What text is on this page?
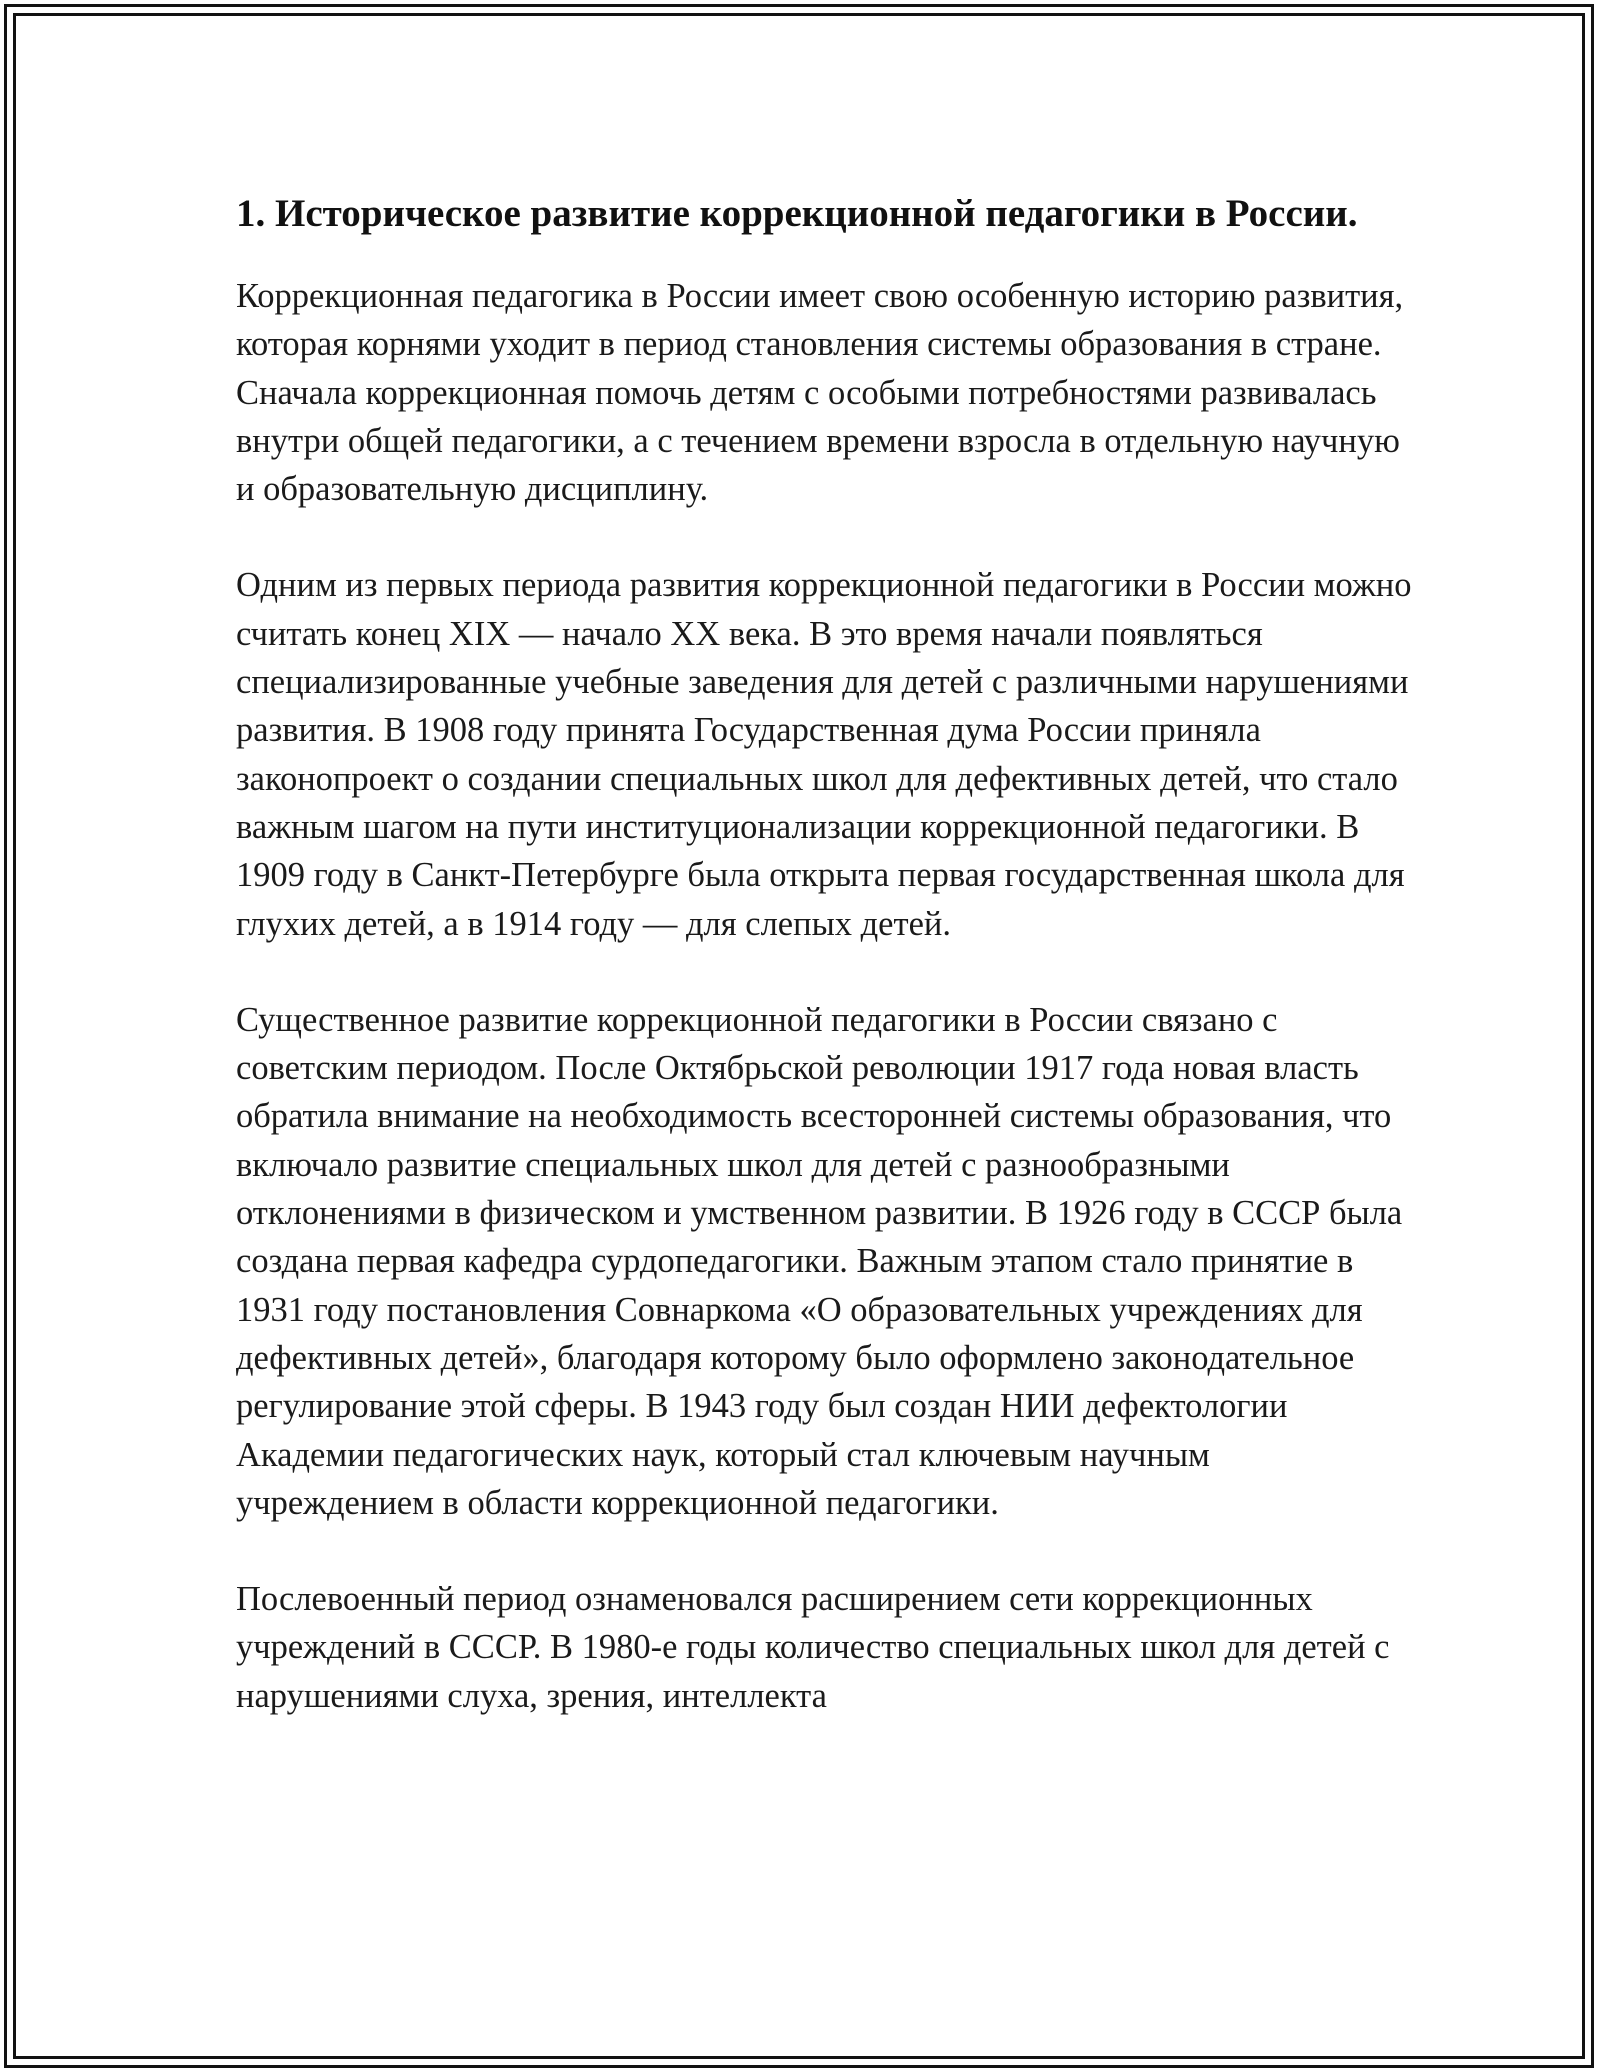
1. Историческое развитие коррекционной педагогики в России.

Коррекционная педагогика в России имеет свою особенную историю развития, которая корнями уходит в период становления системы образования в стране. Сначала коррекционная помочь детям с особыми потребностями развивалась внутри общей педагогики, а с течением времени взросла в отдельную научную и образовательную дисциплину.

Одним из первых периода развития коррекционной педагогики в России можно считать конец XIX — начало XX века. В это время начали появляться специализированные учебные заведения для детей с различными нарушениями развития. В 1908 году принята Государственная дума России приняла законопроект о создании специальных школ для дефективных детей, что стало важным шагом на пути институционализации коррекционной педагогики. В 1909 году в Санкт-Петербурге была открыта первая государственная школа для глухих детей, а в 1914 году — для слепых детей.

Существенное развитие коррекционной педагогики в России связано с советским периодом. После Октябрьской революции 1917 года новая власть обратила внимание на необходимость всесторонней системы образования, что включало развитие специальных школ для детей с разнообразными отклонениями в физическом и умственном развитии. В 1926 году в СССР была создана первая кафедра сурдопедагогики. Важным этапом стало принятие в 1931 году постановления Совнаркома «О образовательных учреждениях для дефективных детей», благодаря которому было оформлено законодательное регулирование этой сферы. В 1943 году был создан НИИ дефектологии Академии педагогических наук, который стал ключевым научным учреждением в области коррекционной педагогики.

Послевоенный период ознаменовался расширением сети коррекционных учреждений в СССР. В 1980-е годы количество специальных школ для детей с нарушениями слуха, зрения, интеллекта
